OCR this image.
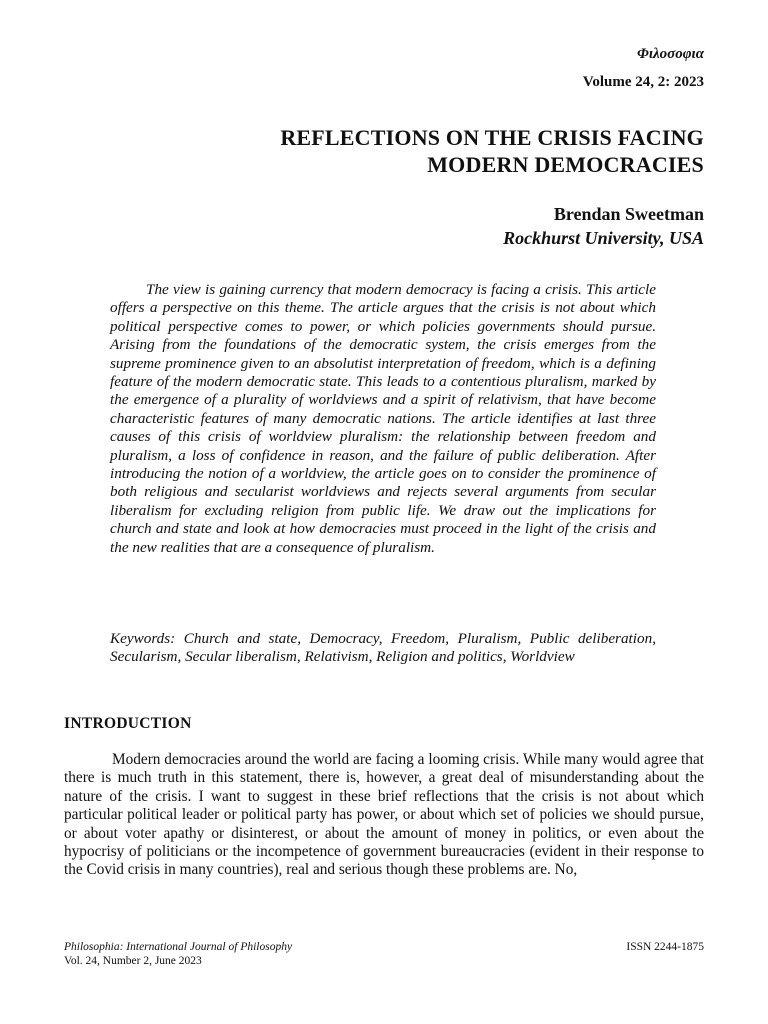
Φιλοσοφια
Volume 24, 2: 2023
REFLECTIONS ON THE CRISIS FACING
MODERN DEMOCRACIES
Brendan Sweetman
Rockhurst University, USA

The view is gaining currency that modern democracy is facing a crisis. This article offers a perspective on this theme. The article argues that the crisis is not about which political perspective comes to power, or which policies governments should pursue. Arising from the foundations of the democratic system, the crisis emerges from the supreme prominence given to an absolutist interpretation of freedom, which is a defining feature of the modern democratic state. This leads to a contentious pluralism, marked by the emergence of a plurality of worldviews and a spirit of relativism, that have become characteristic features of many democratic nations. The article identifies at last three causes of this crisis of worldview pluralism: the relationship between freedom and pluralism, a loss of confidence in reason, and the failure of public deliberation. After introducing the notion of a worldview, the article goes on to consider the prominence of both religious and secularist worldviews and rejects several arguments from secular liberalism for excluding religion from public life. We draw out the implications for church and state and look at how democracies must proceed in the light of the crisis and the new realities that are a consequence of pluralism.

Keywords: Church and state, Democracy, Freedom, Pluralism, Public deliberation, Secularism, Secular liberalism, Relativism, Religion and politics, Worldview

INTRODUCTION

Modern democracies around the world are facing a looming crisis. While many would agree that there is much truth in this statement, there is, however, a great deal of misunderstanding about the nature of the crisis. I want to suggest in these brief reflections that the crisis is not about which particular political leader or political party has power, or about which set of policies we should pursue, or about voter apathy or disinterest, or about the amount of money in politics, or even about the hypocrisy of politicians or the incompetence of government bureaucracies (evident in their response to the Covid crisis in many countries), real and serious though these problems are. No,

Philosophia: International Journal of Philosophy
Vol. 24, Number 2, June 2023
ISSN 2244-1875
